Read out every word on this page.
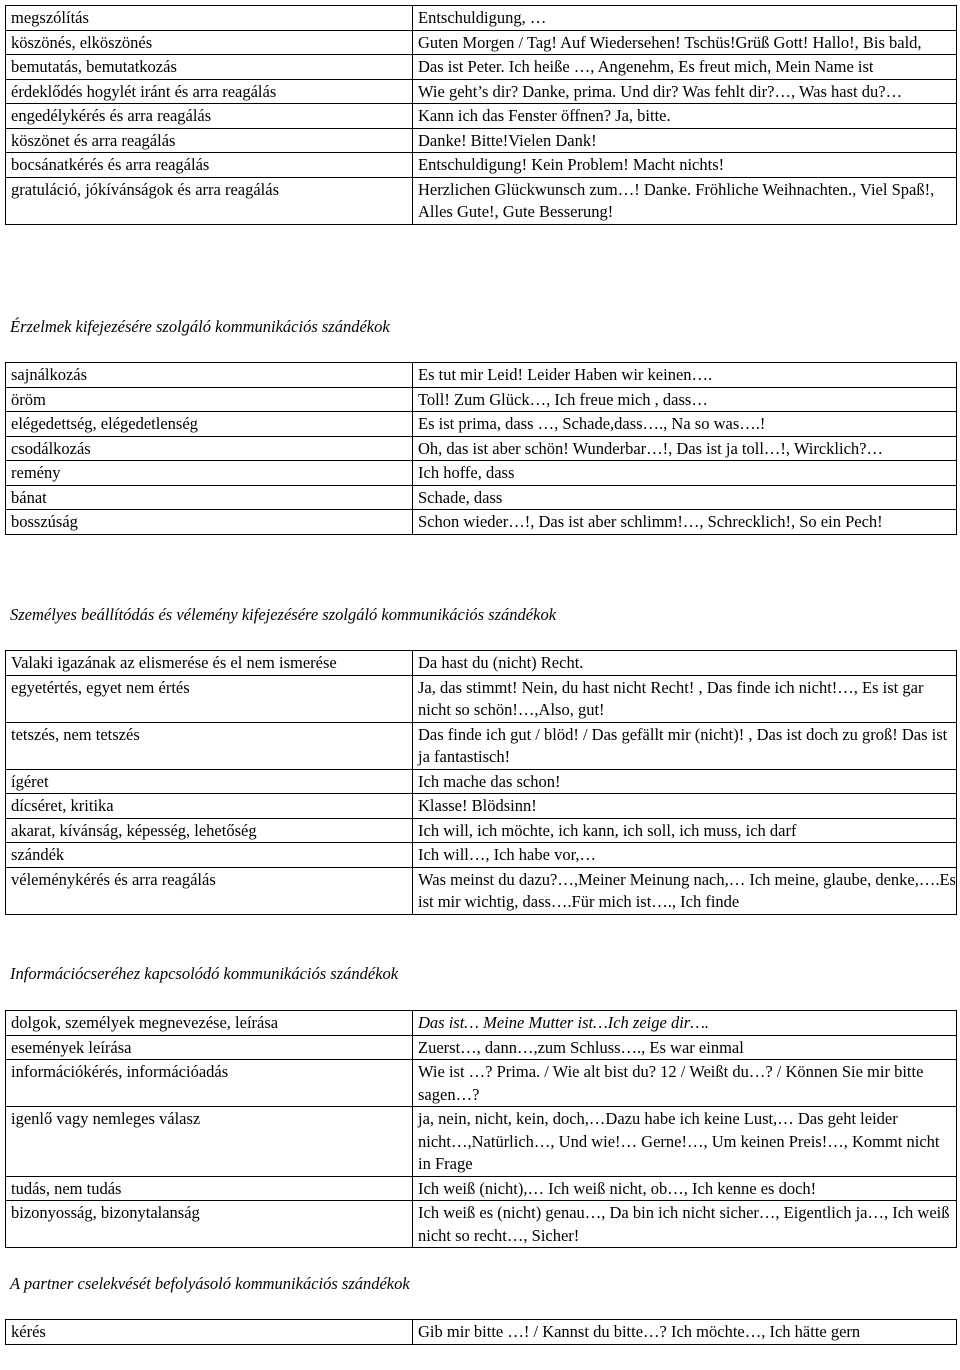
megszólítás	Entschuldigung, …
köszönés, elköszönés	Guten Morgen / Tag! Auf Wiedersehen! Tschüs!Grüß Gott! Hallo!, Bis bald,
bemutatás, bemutatkozás	Das ist Peter. Ich heiße …, Angenehm, Es freut mich, Mein Name ist
érdeklődés hogylét iránt és arra reagálás	Wie geht’s dir? Danke, prima. Und dir? Was fehlt dir?…, Was hast du?…
engedélykérés és arra reagálás	Kann ich das Fenster öffnen? Ja, bitte.
köszönet és arra reagálás	Danke! Bitte!Vielen Dank!
bocsánatkérés és arra reagálás	Entschuldigung! Kein Problem! Macht nichts!
gratuláció, jókívánságok és arra reagálás	Herzlichen Glückwunsch zum…! Danke. Fröhliche Weihnachten., Viel Spaß!, Alles Gute!, Gute Besserung!
Érzelmek kifejezésére szolgáló kommunikációs szándékok
sajnálkozás	Es tut mir Leid! Leider Haben wir keinen….
öröm	Toll! Zum Glück…, Ich freue mich , dass…
elégedettség, elégedetlenség	Es ist prima, dass …, Schade,dass…., Na so was….!
csodálkozás	Oh, das ist aber schön! Wunderbar…!, Das ist ja toll…!, Wircklich?…
remény	Ich hoffe, dass
bánat	Schade, dass
bosszúság	Schon wieder…!, Das ist aber schlimm!…, Schrecklich!, So ein Pech!
Személyes beállítódás és vélemény kifejezésére szolgáló kommunikációs szándékok
Valaki igazának az elismerése és el nem ismerése	Da hast du (nicht) Recht.
egyetértés, egyet nem értés	Ja, das stimmt! Nein, du hast nicht Recht! , Das finde ich nicht!…, Es ist gar nicht so schön!…,Also, gut!
tetszés, nem tetszés	Das finde ich gut / blöd! / Das gefällt mir (nicht)! , Das ist doch zu groß! Das ist ja fantastisch!
ígéret	Ich mache das schon!
dícséret, kritika	Klasse! Blödsinn!
akarat, kívánság, képesség, lehetőség	Ich will, ich möchte, ich kann, ich soll, ich muss, ich darf
szándék	Ich will…, Ich habe vor,…
véleménykérés és arra reagálás	Was meinst du dazu?…,Meiner Meinung nach,… Ich meine, glaube, denke,….Es ist mir wichtig, dass….Für mich ist…., Ich finde
Információcseréhez kapcsolódó kommunikációs szándékok
dolgok, személyek megnevezése, leírása	Das ist… Meine Mutter ist…Ich zeige dir….
események leírása	Zuerst…, dann…,zum Schluss…., Es war einmal
információkérés, információadás	Wie ist …? Prima. / Wie alt bist du? 12 / Weißt du…? / Können Sie mir bitte sagen…?
igenlő vagy nemleges válasz	ja, nein, nicht, kein, doch,…Dazu habe ich keine Lust,… Das geht leider nicht…,Natürlich…, Und wie!… Gerne!…, Um keinen Preis!…, Kommt nicht in Frage
tudás, nem tudás	Ich weiß (nicht),… Ich weiß nicht, ob…, Ich kenne es doch!
bizonyosság, bizonytalanság	Ich weiß es (nicht) genau…, Da bin ich nicht sicher…, Eigentlich ja…, Ich weiß nicht so recht…, Sicher!
A partner cselekvését befolyásoló kommunikációs szándékok
kérés	Gib mir bitte …! / Kannst du bitte…? Ich möchte…, Ich hätte gern
